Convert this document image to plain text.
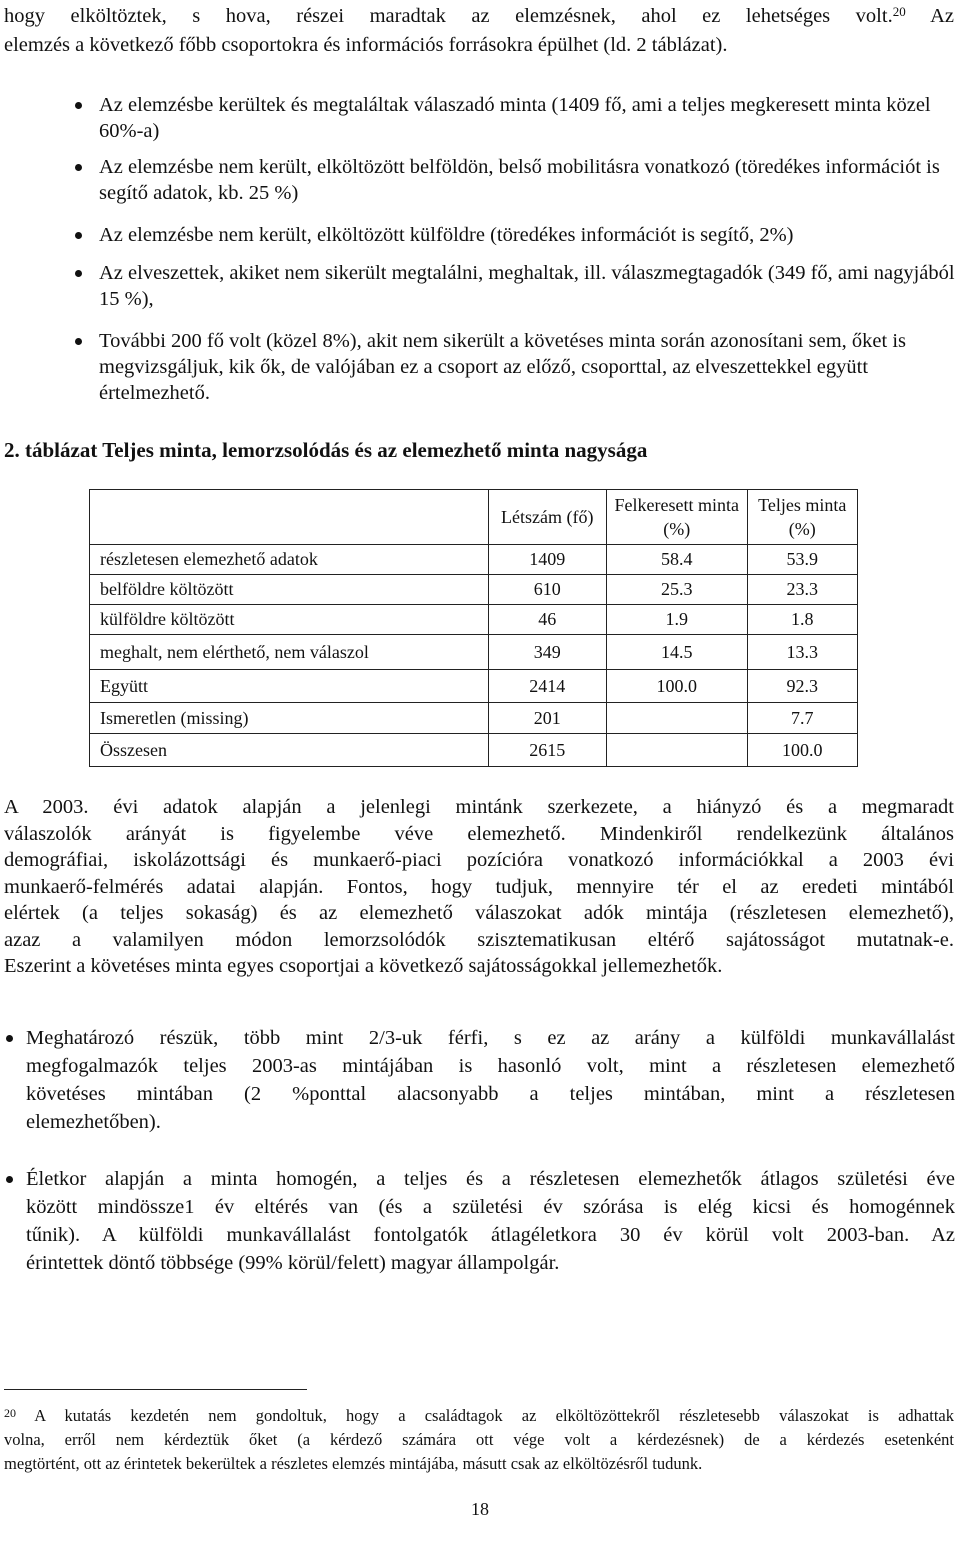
hogy elköltöztek, s hova, részei maradtak az elemzésnek, ahol ez lehetséges volt.$^{20}$ Az
elemzés a következő főbb csoportokra és információs forrásokra épülhet (ld. 2 táblázat).

Az elemzésbe kerültek és megtaláltak válaszadó minta (1409 fő, ami a teljes megkeresett minta közel 60%-a)

Az elemzésbe nem került, elköltözött belföldön, belső mobilitásra vonatkozó (töredékes információt is segítő adatok, kb. 25 %)

Az elemzésbe nem került, elköltözött külföldre (töredékes információt is segítő, 2%)

Az elveszettek, akiket nem sikerült megtalálni, meghaltak, ill. válaszmegtagadók (349 fő, ami nagyjából 15 %),

További 200 fő volt (közel 8%), akit nem sikerült a követéses minta során azonosítani sem, őket is megvizsgáljuk, kik ők, de valójában ez a csoport az előző, csoporttal, az elveszettekkel együtt értelmezhető.

2. táblázat Teljes minta, lemorzsolódás és az elemezhető minta nagysága
	Létszám (fő)	Felkeresett minta (%)	Teljes minta (%)
részletesen elemezhető adatok	1409	58.4	53.9
belföldre költözött	610	25.3	23.3
külföldre költözött	46	1.9	1.8
meghalt, nem elérthető, nem válaszol	349	14.5	13.3
Együtt	2414	100.0	92.3
Ismeretlen (missing)	201		7.7
Összesen	2615		100.0

A 2003. évi adatok alapján a jelenlegi mintánk szerkezete, a hiányzó és a megmaradt

válaszolók arányát is figyelembe véve elemezhető. Mindenkiről rendelkezünk általános

demográfiai, iskolázottsági és munkaerő-piaci pozícióra vonatkozó információkkal a 2003 évi

munkaerő-felmérés adatai alapján. Fontos, hogy tudjuk, mennyire tér el az eredeti mintából

elértek (a teljes sokaság) és az elemezhető válaszokat adók mintája (részletesen elemezhető),

azaz a valamilyen módon lemorzsolódók szisztematikusan eltérő sajátosságot mutatnak-e.

Eszerint a követéses minta egyes csoportjai a következő sajátosságokkal jellemezhetők.

Meghatározó részük, több mint 2/3-uk férfi, s ez az arány a külföldi munkavállalást

megfogalmazók teljes 2003-as mintájában is hasonló volt, mint a részletesen elemezhető

követéses mintában (2 %ponttal alacsonyabb a teljes mintában, mint a részletesen

elemezhetőben).

Életkor alapján a minta homogén, a teljes és a részletesen elemezhetők átlagos születési éve

között mindössze1 év eltérés van (és a születési év szórása is elég kicsi és homogénnek

tűnik). A külföldi munkavállalást fontolgatók átlagéletkora 30 év körül volt 2003-ban. Az

érintettek döntő többsége (99% körül/felett) magyar állampolgár.

$^{20}$ A kutatás kezdetén nem gondoltuk, hogy a családtagok az elköltözöttekről részletesebb válaszokat is adhattak
volna, erről nem kérdeztük őket (a kérdező számára ott vége volt a kérdezésnek) de a kérdezés esetenként
megtörtént, ott az érintetek bekerültek a részletes elemzés mintájába, másutt csak az elköltözésről tudunk.
18
